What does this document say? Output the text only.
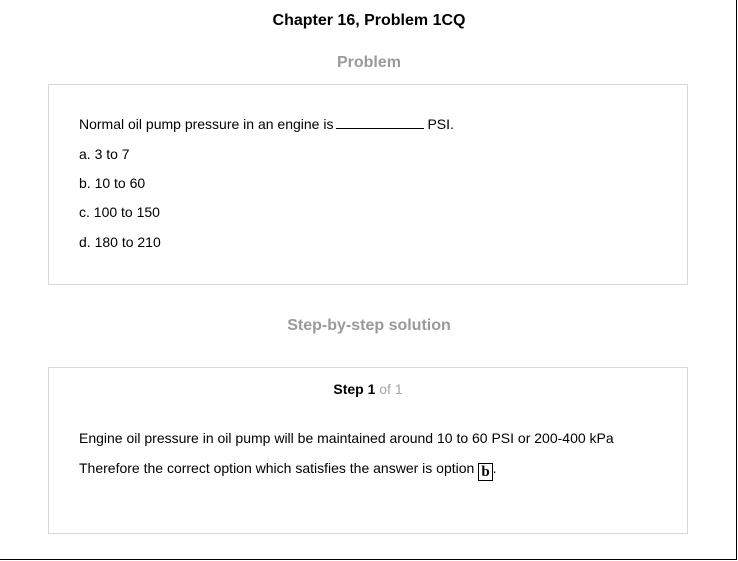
Chapter 16, Problem 1CQ
Problem
Normal oil pump pressure in an engine is	PSI.
a. 3 to 7
b. 10 to 60
c. 100 to 150
d. 180 to 210
Step-by-step solution
Step 1 of 1
Engine oil pressure in oil pump will be maintained around 10 to 60 PSI or 200-400 kPa
Therefore the correct option which satisfies the answer is option b .
